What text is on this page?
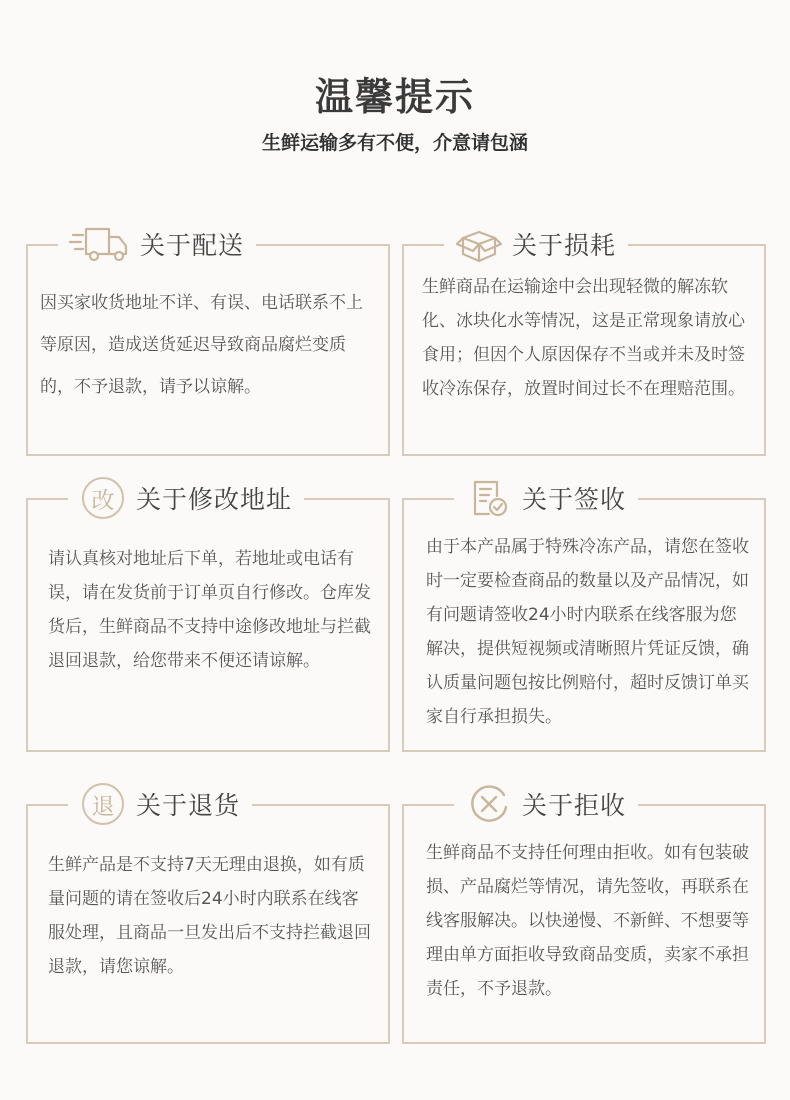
温馨提示
生鲜运输多有不便，介意请包涵
关于配送
因买家收货地址不详、有误、电话联系不上等原因，造成送货延迟导致商品腐烂变质的，不予退款，请予以谅解。
关于损耗
生鲜商品在运输途中会出现轻微的解冻软化、冰块化水等情况，这是正常现象请放心食用；但因个人原因保存不当或并未及时签收冷冻保存，放置时间过长不在理赔范围。
改 关于修改地址
请认真核对地址后下单，若地址或电话有误，请在发货前于订单页自行修改。仓库发货后，生鲜商品不支持中途修改地址与拦截退回退款，给您带来不便还请谅解。
关于签收
由于本产品属于特殊冷冻产品，请您在签收时一定要检查商品的数量以及产品情况，如有问题请签收24小时内联系在线客服为您解决，提供短视频或清晰照片凭证反馈，确认质量问题包按比例赔付，超时反馈订单买家自行承担损失。
退 关于退货
生鲜产品是不支持7天无理由退换，如有质量问题的请在签收后24小时内联系在线客服处理，且商品一旦发出后不支持拦截退回退款，请您谅解。
关于拒收
生鲜商品不支持任何理由拒收。如有包装破损、产品腐烂等情况，请先签收，再联系在线客服解决。以快递慢、不新鲜、不想要等理由单方面拒收导致商品变质，卖家不承担责任，不予退款。
